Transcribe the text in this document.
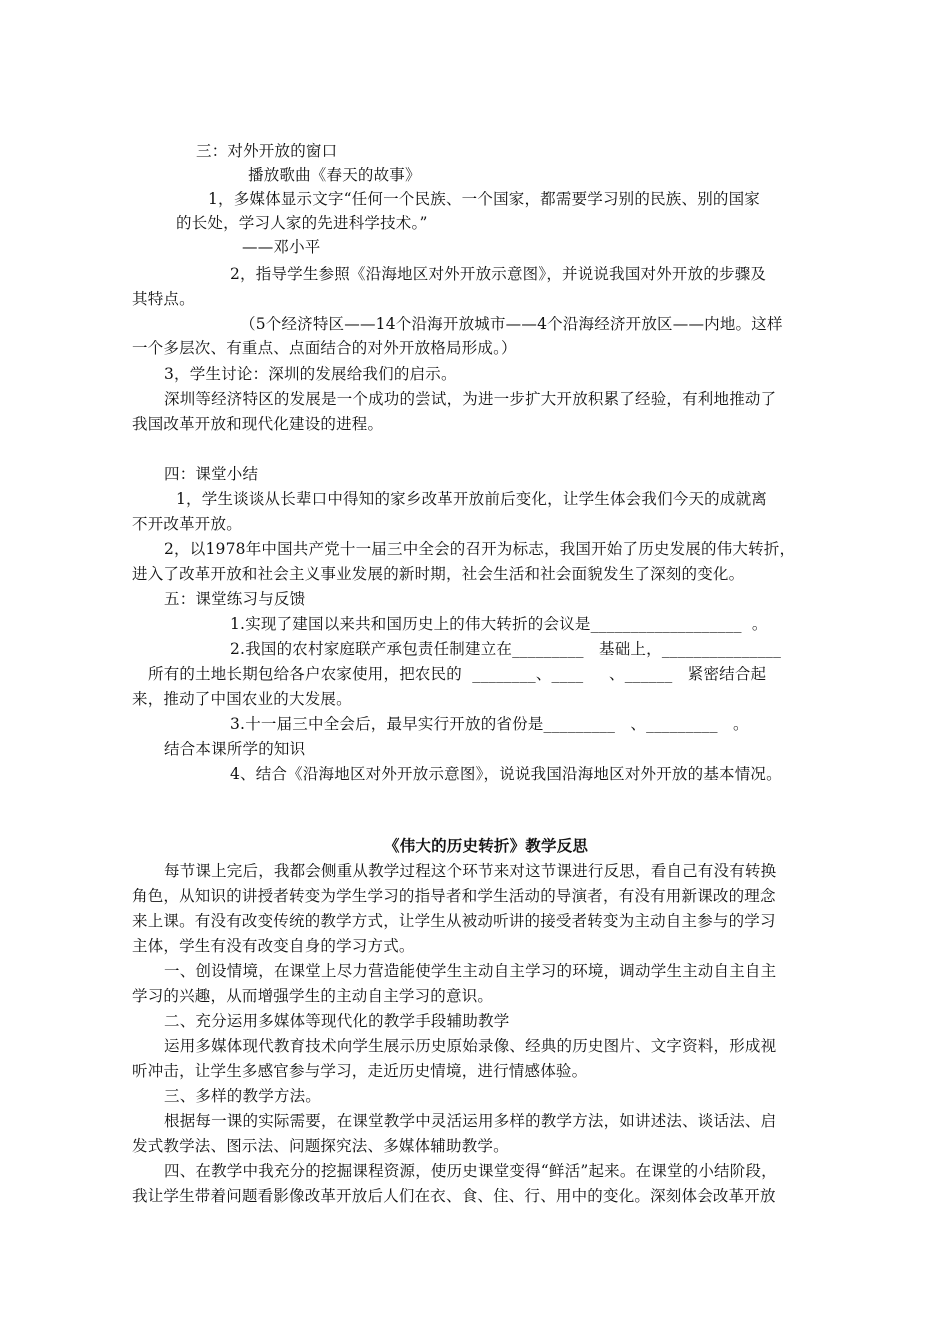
三：对外开放的窗口
播放歌曲《春天的故事》
1，多媒体显示文字“任何一个民族、一个国家，都需要学习别的民族、别的国家
的长处，学习人家的先进科学技术。”
——邓小平
2，指导学生参照《沿海地区对外开放示意图》，并说说我国对外开放的步骤及
其特点。
（5个经济特区——14个沿海开放城市——4个沿海经济开放区——内地。这样
一个多层次、有重点、点面结合的对外开放格局形成。）
3，学生讨论：深圳的发展给我们的启示。
深圳等经济特区的发展是一个成功的尝试，为进一步扩大开放积累了经验，有利地推动了
我国改革开放和现代化建设的进程。
四：课堂小结
1，学生谈谈从长辈口中得知的家乡改革开放前后变化，让学生体会我们今天的成就离
不开改革开放。
2，以1978年中国共产党十一届三中全会的召开为标志，我国开始了历史发展的伟大转折，
进入了改革开放和社会主义事业发展的新时期，社会生活和社会面貌发生了深刻的变化。
五：课堂练习与反馈
1.实现了建国以来共和国历史上的伟大转折的会议是___________________  。
2.我国的农村家庭联产承包责任制建立在_________   基础上，_______________
所有的土地长期包给各户农家使用，把农民的  ________、____     、______   紧密结合起
来，推动了中国农业的大发展。
3.十一届三中全会后，最早实行开放的省份是_________   、_________   。
结合本课所学的知识
4、结合《沿海地区对外开放示意图》，说说我国沿海地区对外开放的基本情况。
《伟大的历史转折》教学反思
每节课上完后，我都会侧重从教学过程这个环节来对这节课进行反思，看自己有没有转换
角色，从知识的讲授者转变为学生学习的指导者和学生活动的导演者，有没有用新课改的理念
来上课。有没有改变传统的教学方式，让学生从被动听讲的接受者转变为主动自主参与的学习
主体，学生有没有改变自身的学习方式。
一、创设情境，在课堂上尽力营造能使学生主动自主学习的环境，调动学生主动自主自主
学习的兴趣，从而增强学生的主动自主学习的意识。
二、充分运用多媒体等现代化的教学手段辅助教学
运用多媒体现代教育技术向学生展示历史原始录像、经典的历史图片、文字资料，形成视
听冲击，让学生多感官参与学习，走近历史情境，进行情感体验。
三、多样的教学方法。
根据每一课的实际需要，在课堂教学中灵活运用多样的教学方法，如讲述法、谈话法、启
发式教学法、图示法、问题探究法、多媒体辅助教学。
四、在教学中我充分的挖掘课程资源，使历史课堂变得“鲜活”起来。在课堂的小结阶段，
我让学生带着问题看影像改革开放后人们在衣、食、住、行、用中的变化。深刻体会改革开放
